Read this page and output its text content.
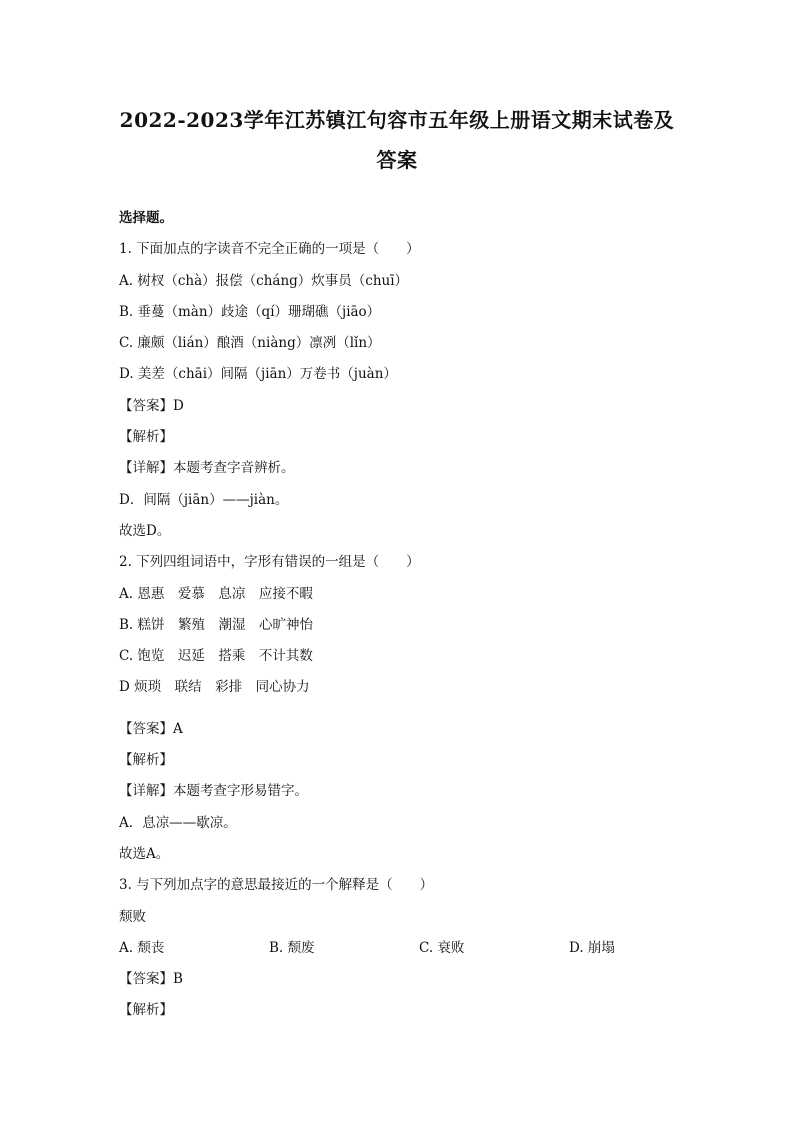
2022-2023学年江苏镇江句容市五年级上册语文期末试卷及
答案
选择题。
1. 下面加点的字读音不完全正确的一项是（　　）
A. 树杈（chà）报偿（cháng）炊事员（chuī）
B. 垂蔓（màn）歧途（qí）珊瑚礁（jiāo）
C. 廉颇（lián）酿酒（niàng）凛冽（lǐn）
D. 美差（chāi）间隔（jiān）万卷书（juàn）
【答案】D
【解析】
【详解】本题考查字音辨析。
D．间隔（jiān）——jiàn。
故选D。
2. 下列四组词语中，字形有错误的一组是（　　）
A. 恩惠　爱慕　息凉　应接不暇
B. 糕饼　繁殖　潮湿　心旷神怡
C. 饱览　迟延　搭乘　不计其数
D 烦琐　联结　彩排　同心协力
【答案】A
【解析】
【详解】本题考查字形易错字。
A．息凉——歇凉。
故选A。
3. 与下列加点字的意思最接近的一个解释是（　　）
颓败
A. 颓丧	B. 颓废	C. 衰败	D. 崩塌
【答案】B
【解析】
